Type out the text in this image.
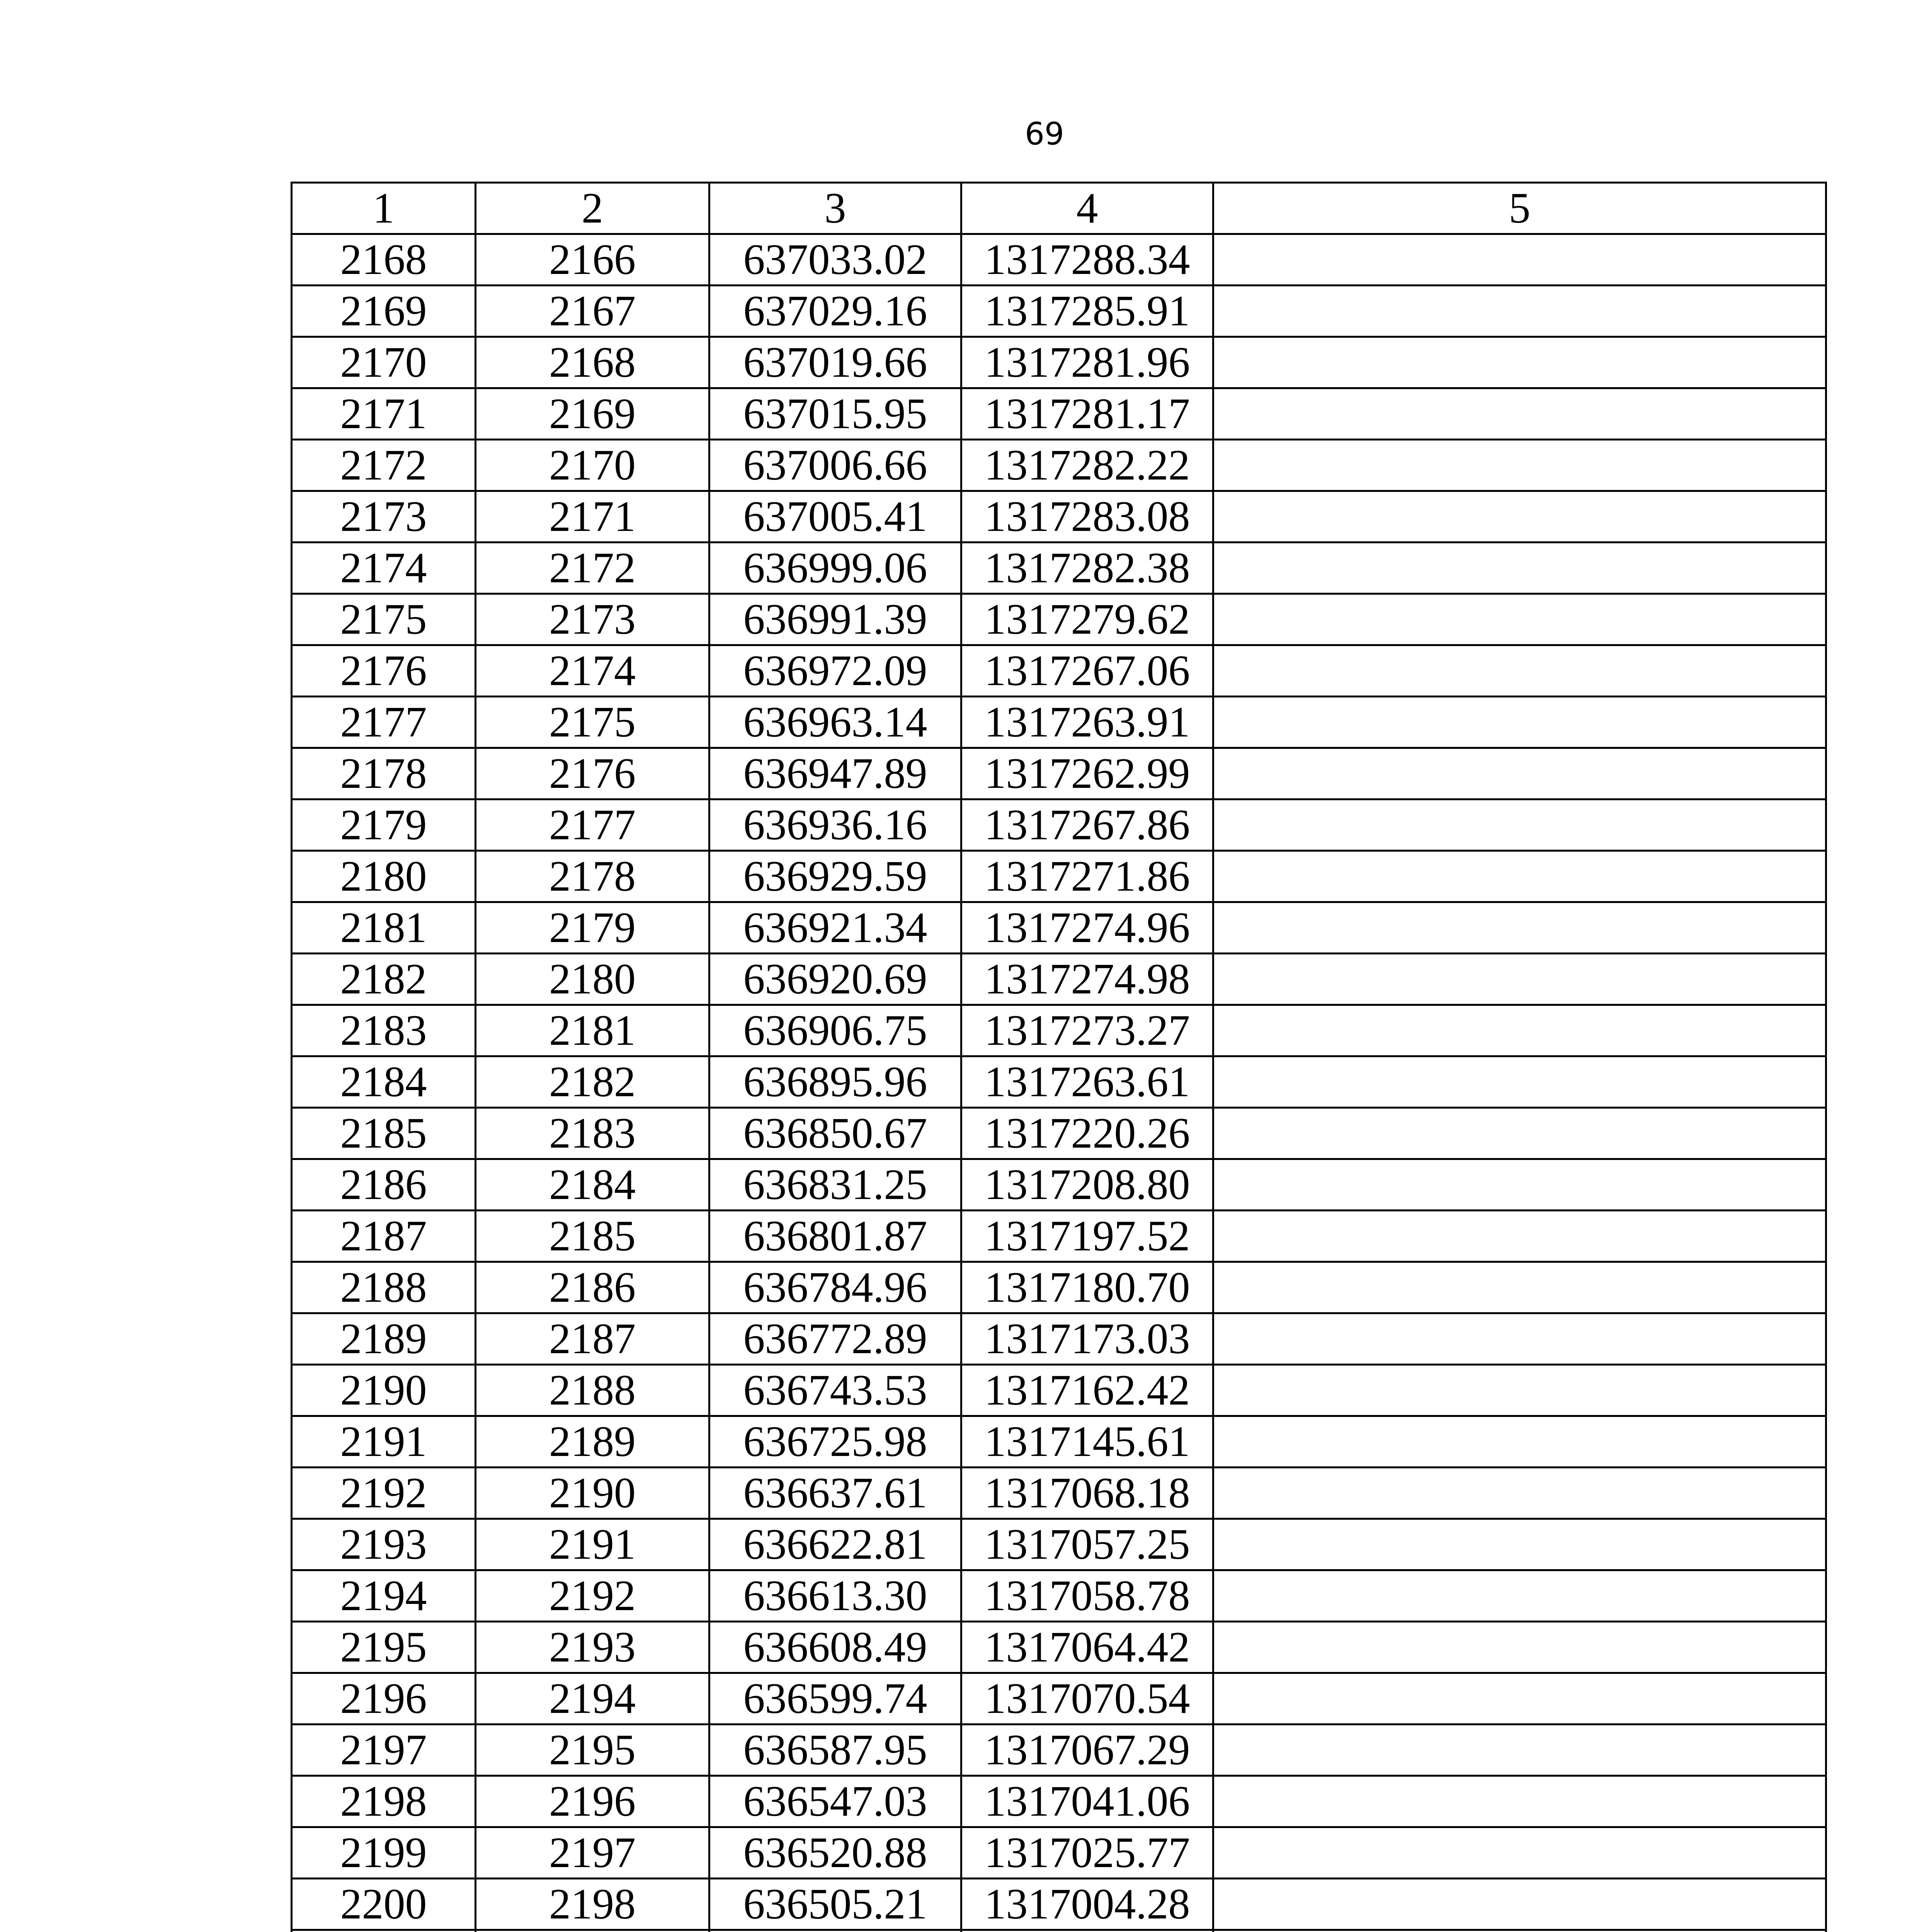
69
1	2	3	4	5
2168	2166	637033.02	1317288.34	
2169	2167	637029.16	1317285.91	
2170	2168	637019.66	1317281.96	
2171	2169	637015.95	1317281.17	
2172	2170	637006.66	1317282.22	
2173	2171	637005.41	1317283.08	
2174	2172	636999.06	1317282.38	
2175	2173	636991.39	1317279.62	
2176	2174	636972.09	1317267.06	
2177	2175	636963.14	1317263.91	
2178	2176	636947.89	1317262.99	
2179	2177	636936.16	1317267.86	
2180	2178	636929.59	1317271.86	
2181	2179	636921.34	1317274.96	
2182	2180	636920.69	1317274.98	
2183	2181	636906.75	1317273.27	
2184	2182	636895.96	1317263.61	
2185	2183	636850.67	1317220.26	
2186	2184	636831.25	1317208.80	
2187	2185	636801.87	1317197.52	
2188	2186	636784.96	1317180.70	
2189	2187	636772.89	1317173.03	
2190	2188	636743.53	1317162.42	
2191	2189	636725.98	1317145.61	
2192	2190	636637.61	1317068.18	
2193	2191	636622.81	1317057.25	
2194	2192	636613.30	1317058.78	
2195	2193	636608.49	1317064.42	
2196	2194	636599.74	1317070.54	
2197	2195	636587.95	1317067.29	
2198	2196	636547.03	1317041.06	
2199	2197	636520.88	1317025.77	
2200	2198	636505.21	1317004.28	
